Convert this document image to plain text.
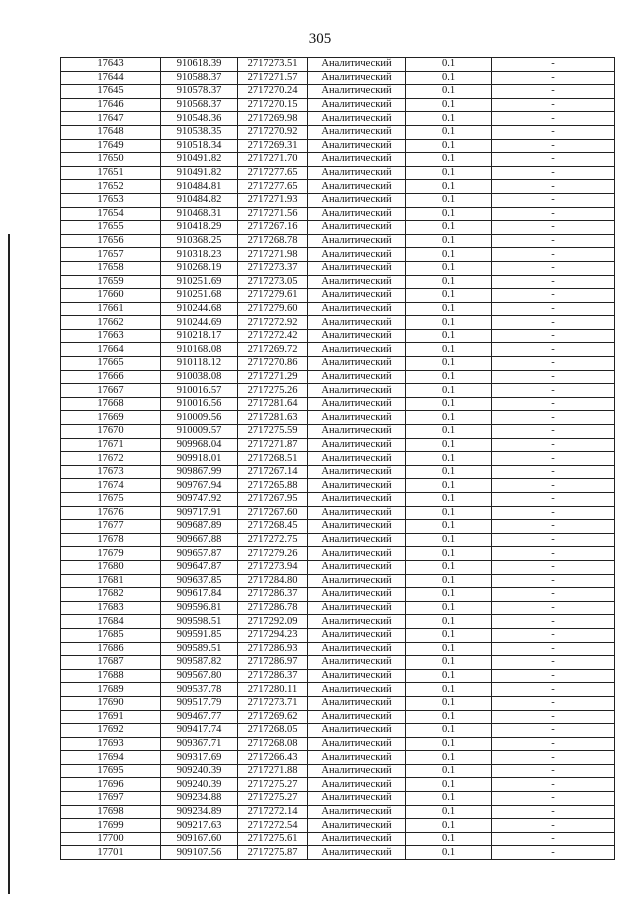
305
17643	910618.39	2717273.51	Аналитический	0.1	-
17644	910588.37	2717271.57	Аналитический	0.1	-
17645	910578.37	2717270.24	Аналитический	0.1	-
17646	910568.37	2717270.15	Аналитический	0.1	-
17647	910548.36	2717269.98	Аналитический	0.1	-
17648	910538.35	2717270.92	Аналитический	0.1	-
17649	910518.34	2717269.31	Аналитический	0.1	-
17650	910491.82	2717271.70	Аналитический	0.1	-
17651	910491.82	2717277.65	Аналитический	0.1	-
17652	910484.81	2717277.65	Аналитический	0.1	-
17653	910484.82	2717271.93	Аналитический	0.1	-
17654	910468.31	2717271.56	Аналитический	0.1	-
17655	910418.29	2717267.16	Аналитический	0.1	-
17656	910368.25	2717268.78	Аналитический	0.1	-
17657	910318.23	2717271.98	Аналитический	0.1	-
17658	910268.19	2717273.37	Аналитический	0.1	-
17659	910251.69	2717273.05	Аналитический	0.1	-
17660	910251.68	2717279.61	Аналитический	0.1	-
17661	910244.68	2717279.60	Аналитический	0.1	-
17662	910244.69	2717272.92	Аналитический	0.1	-
17663	910218.17	2717272.42	Аналитический	0.1	-
17664	910168.08	2717269.72	Аналитический	0.1	-
17665	910118.12	2717270.86	Аналитический	0.1	-
17666	910038.08	2717271.29	Аналитический	0.1	-
17667	910016.57	2717275.26	Аналитический	0.1	-
17668	910016.56	2717281.64	Аналитический	0.1	-
17669	910009.56	2717281.63	Аналитический	0.1	-
17670	910009.57	2717275.59	Аналитический	0.1	-
17671	909968.04	2717271.87	Аналитический	0.1	-
17672	909918.01	2717268.51	Аналитический	0.1	-
17673	909867.99	2717267.14	Аналитический	0.1	-
17674	909767.94	2717265.88	Аналитический	0.1	-
17675	909747.92	2717267.95	Аналитический	0.1	-
17676	909717.91	2717267.60	Аналитический	0.1	-
17677	909687.89	2717268.45	Аналитический	0.1	-
17678	909667.88	2717272.75	Аналитический	0.1	-
17679	909657.87	2717279.26	Аналитический	0.1	-
17680	909647.87	2717273.94	Аналитический	0.1	-
17681	909637.85	2717284.80	Аналитический	0.1	-
17682	909617.84	2717286.37	Аналитический	0.1	-
17683	909596.81	2717286.78	Аналитический	0.1	-
17684	909598.51	2717292.09	Аналитический	0.1	-
17685	909591.85	2717294.23	Аналитический	0.1	-
17686	909589.51	2717286.93	Аналитический	0.1	-
17687	909587.82	2717286.97	Аналитический	0.1	-
17688	909567.80	2717286.37	Аналитический	0.1	-
17689	909537.78	2717280.11	Аналитический	0.1	-
17690	909517.79	2717273.71	Аналитический	0.1	-
17691	909467.77	2717269.62	Аналитический	0.1	-
17692	909417.74	2717268.05	Аналитический	0.1	-
17693	909367.71	2717268.08	Аналитический	0.1	-
17694	909317.69	2717266.43	Аналитический	0.1	-
17695	909240.39	2717271.88	Аналитический	0.1	-
17696	909240.39	2717275.27	Аналитический	0.1	-
17697	909234.88	2717275.27	Аналитический	0.1	-
17698	909234.89	2717272.14	Аналитический	0.1	-
17699	909217.63	2717272.54	Аналитический	0.1	-
17700	909167.60	2717275.61	Аналитический	0.1	-
17701	909107.56	2717275.87	Аналитический	0.1	-
